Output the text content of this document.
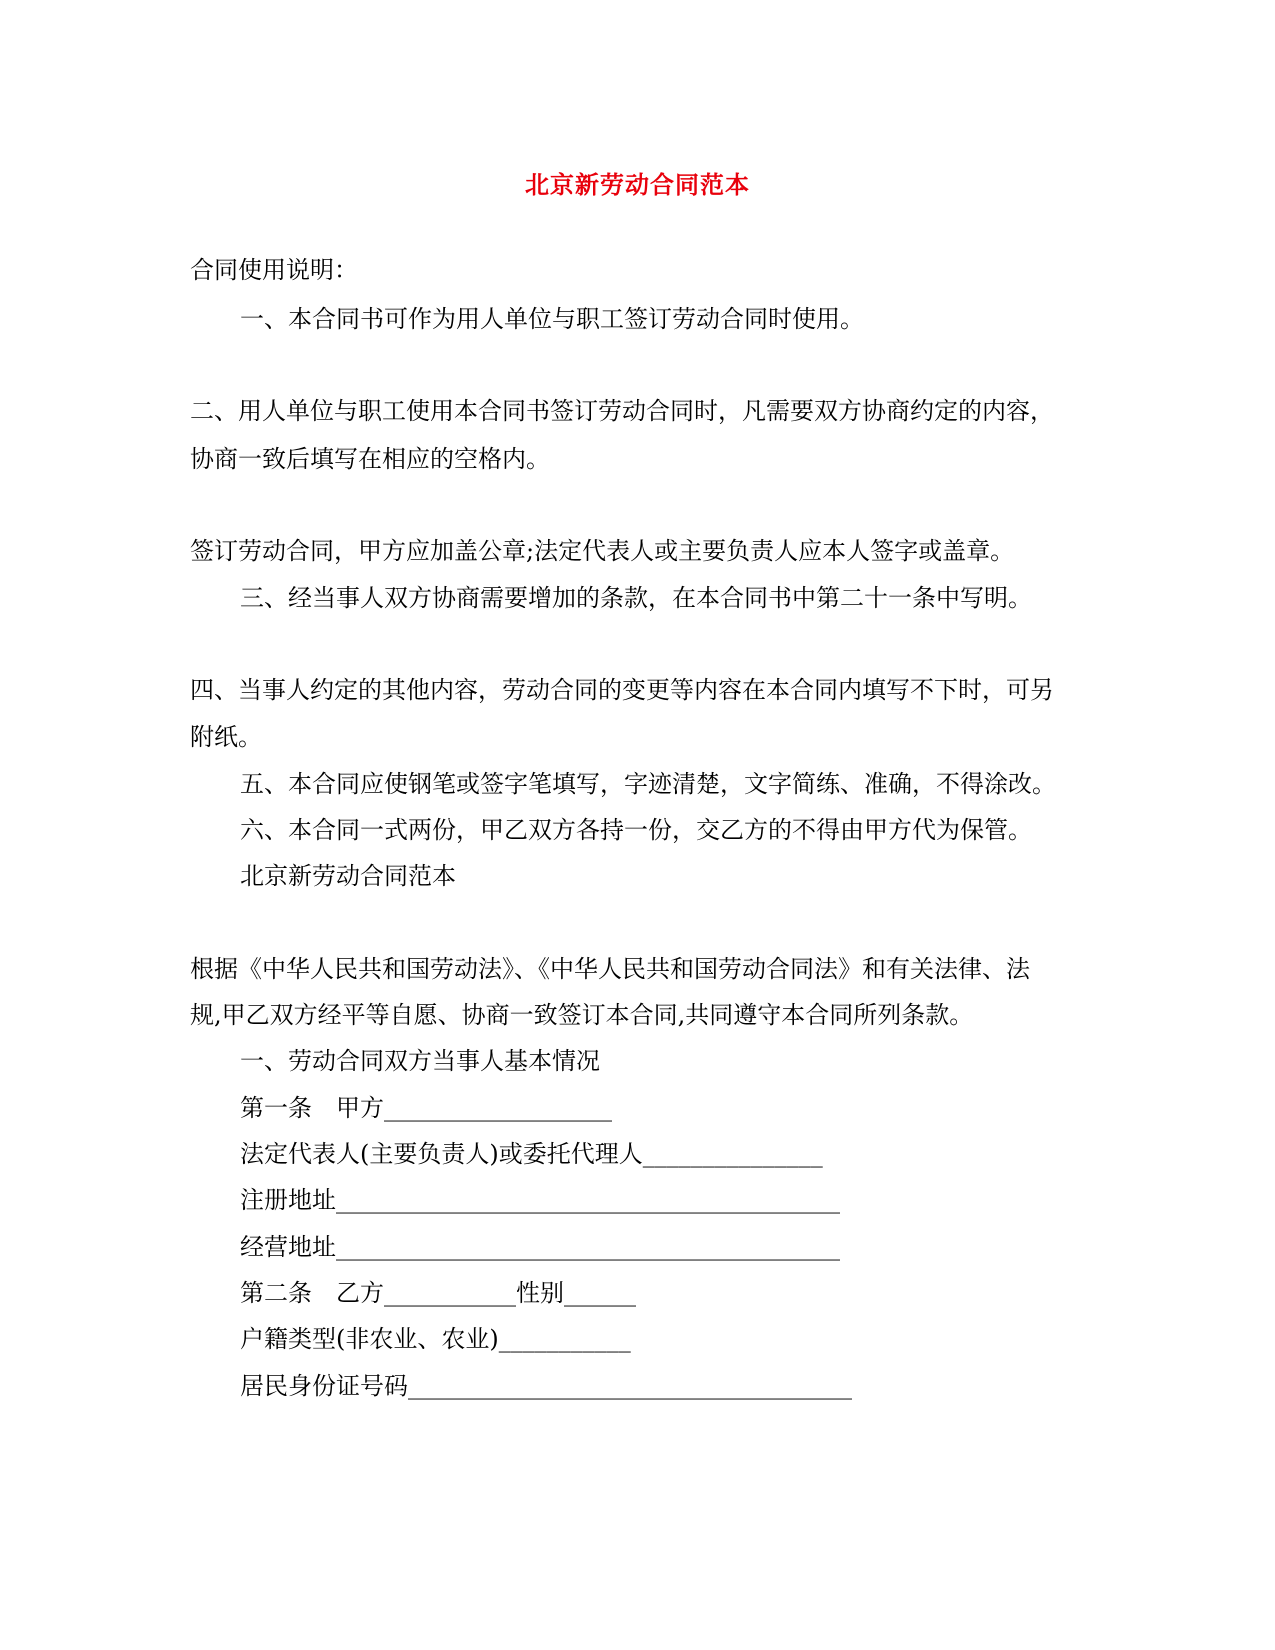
北京新劳动合同范本
合同使用说明：
一、本合同书可作为用人单位与职工签订劳动合同时使用。
二、用人单位与职工使用本合同书签订劳动合同时，凡需要双方协商约定的内容，
协商一致后填写在相应的空格内。
签订劳动合同，甲方应加盖公章;法定代表人或主要负责人应本人签字或盖章。
三、经当事人双方协商需要增加的条款，在本合同书中第二十一条中写明。
四、当事人约定的其他内容，劳动合同的变更等内容在本合同内填写不下时，可另
附纸。
五、本合同应使钢笔或签字笔填写，字迹清楚，文字简练、准确，不得涂改。
六、本合同一式两份，甲乙双方各持一份，交乙方的不得由甲方代为保管。
北京新劳动合同范本
根据《中华人民共和国劳动法》、《中华人民共和国劳动合同法》和有关法律、法
规,甲乙双方经平等自愿、协商一致签订本合同,共同遵守本合同所列条款。
一、劳动合同双方当事人基本情况
第一条　甲方___________________
法定代表人(主要负责人)或委托代理人_______________
注册地址__________________________________________
经营地址__________________________________________
第二条　乙方___________性别______
户籍类型(非农业、农业)___________
居民身份证号码_____________________________________
